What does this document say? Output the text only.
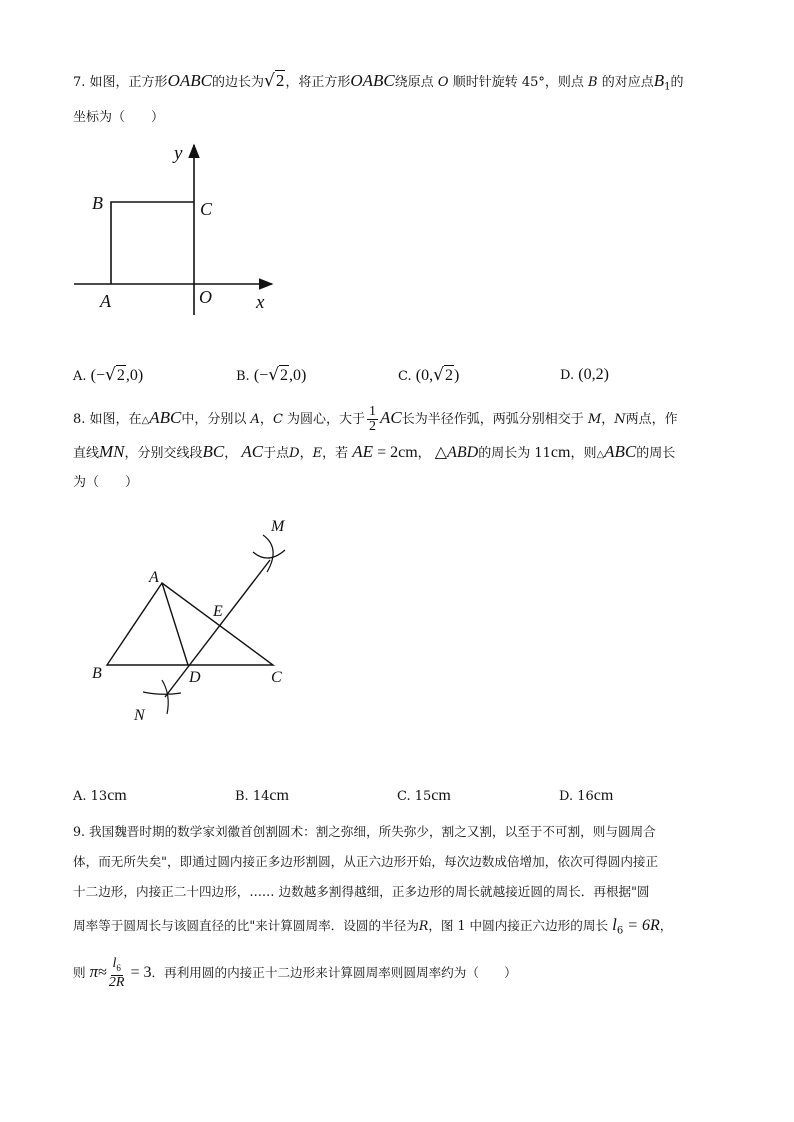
7. 如图，正方形OABC的边长为√2，将正方形OABC绕原点 O 顺时针旋转 45°，则点 B 的对应点$B_1$的
坐标为（　　）
y
B	C
A	O x
A. (−√2,0)	B. (−√2,0)	C. (0,√2)	D. (0,2)
8. 如图，在△ABC中，分别以 A，C 为圆心，大于 $\frac{1}{2}$ AC长为半径作弧，两弧分别相交于 M，N两点，作
直线MN，分别交线段BC， AC于点D，E，若 AE = 2cm， △ABD的周长为 11cm，则△ABC的周长
为（　　）
M
A
E
B	D	C
N
A. 13cm	B. 14cm	C. 15cm	D. 16cm
9. 我国魏晋时期的数学家刘徽首创割圆术：割之弥细，所失弥少，割之又割，以至于不可割，则与圆周合
体，而无所失矣"，即通过圆内接正多边形割圆，从正六边形开始，每次边数成倍增加，依次可得圆内接正
十二边形，内接正二十四边形，…… 边数越多割得越细，正多边形的周长就越接近圆的周长．再根据"圆
周率等于圆周长与该圆直径的比"来计算圆周率．设圆的半径为R，图 1 中圆内接正六边形的周长 $l_6 = 6R$，
则 $\pi\approx \frac{l_6}{2R} = 3$．再利用圆的内接正十二边形来计算圆周率则圆周率约为（　　）
